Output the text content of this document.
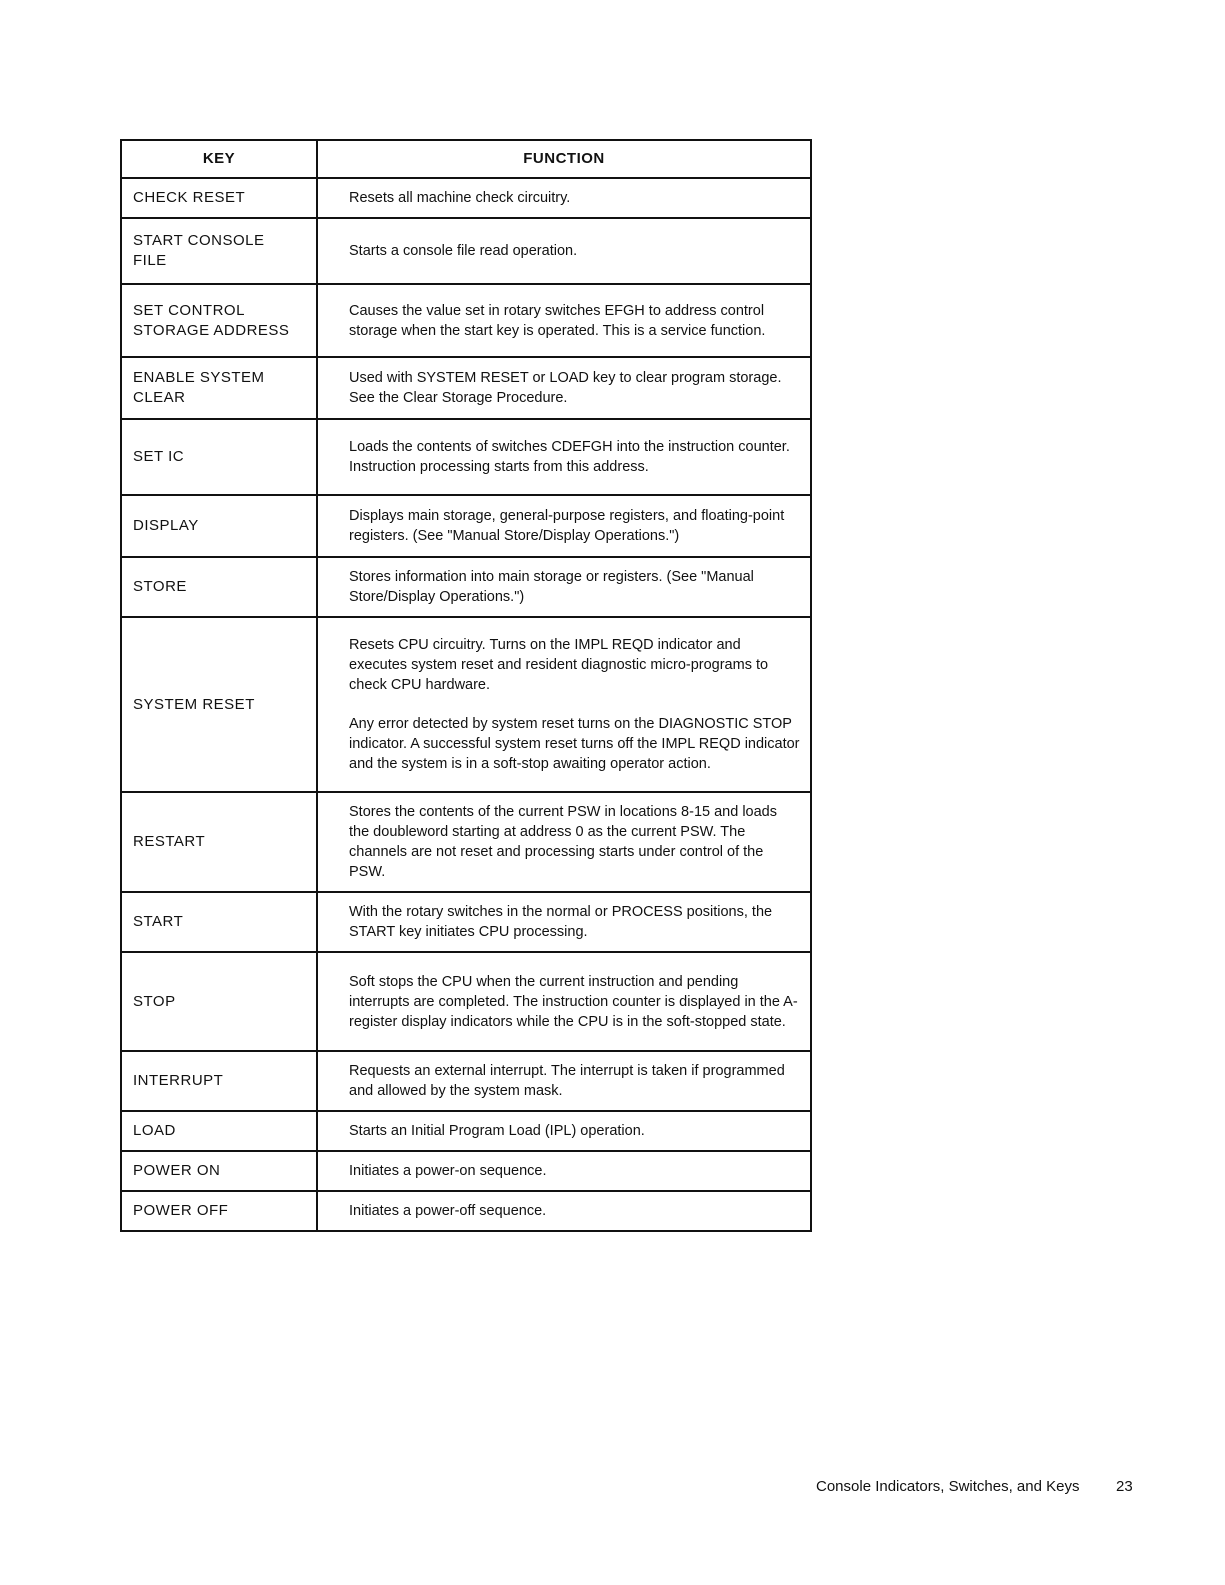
KEY	FUNCTION
CHECK RESET	Resets all machine check circuitry.

START CONSOLE
FILE	Starts a console file read operation.

SET CONTROL
STORAGE ADDRESS	Causes the value set in rotary switches EFGH to address control storage when the start key is operated. This is a service function.

ENABLE SYSTEM
CLEAR	Used with SYSTEM RESET or LOAD key to clear program storage. See the Clear Storage Procedure.

SET IC	Loads the contents of switches CDEFGH into the instruction counter. Instruction processing starts from this address.

DISPLAY	Displays main storage, general-purpose registers, and floating-point registers. (See "Manual Store/Display Operations.")

STORE	Stores information into main storage or registers. (See "Manual Store/Display Operations.")

SYSTEM RESET	Resets CPU circuitry. Turns on the IMPL REQD indicator and executes system reset and resident diagnostic micro-programs to check CPU hardware.

Any error detected by system reset turns on the DIAGNOSTIC STOP indicator. A successful system reset turns off the IMPL REQD indicator and the system is in a soft-stop awaiting operator action.

RESTART	Stores the contents of the current PSW in locations 8-15 and loads the doubleword starting at address 0 as the current PSW. The channels are not reset and processing starts under control of the PSW.

START	With the rotary switches in the normal or PROCESS positions, the START key initiates CPU processing.

STOP	Soft stops the CPU when the current instruction and pending interrupts are completed. The instruction counter is displayed in the A-register display indicators while the CPU is in the soft-stopped state.

INTERRUPT	Requests an external interrupt. The interrupt is taken if programmed and allowed by the system mask.

LOAD	Starts an Initial Program Load (IPL) operation.

POWER ON	Initiates a power-on sequence.

POWER OFF	Initiates a power-off sequence.

Console Indicators, Switches, and Keys 23
